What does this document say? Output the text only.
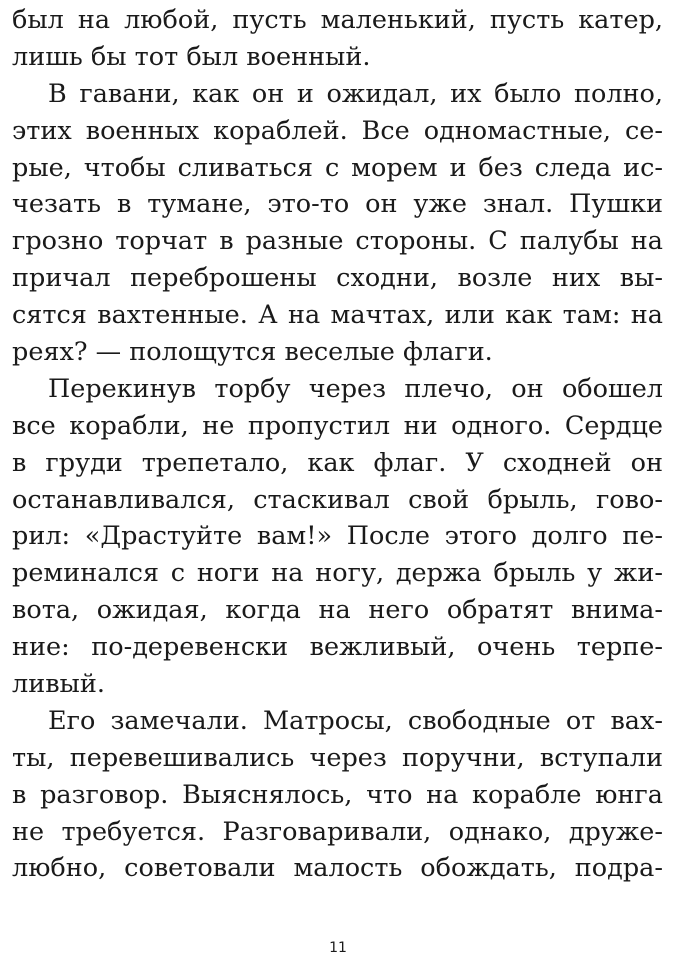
был на любой, пусть маленький, пусть катер,
лишь бы тот был военный.
В гавани, как он и ожидал, их было полно,
этих военных кораблей. Все одномастные, се-
рые, чтобы сливаться с морем и без следа ис-
чезать в тумане, это-то он уже знал. Пушки
грозно торчат в разные стороны. С палубы на
причал переброшены сходни, возле них вы-
сятся вахтенные. А на мачтах, или как там: на
реях? — полощутся веселые флаги.
Перекинув торбу через плечо, он обошел
все корабли, не пропустил ни одного. Сердце
в груди трепетало, как флаг. У сходней он
останавливался, стаскивал свой брыль, гово-
рил: «Драстуйте вам!» После этого долго пе-
реминался с ноги на ногу, держа брыль у жи-
вота, ожидая, когда на него обратят внима-
ние: по-деревенски вежливый, очень терпе-
ливый.
Его замечали. Матросы, свободные от вах-
ты, перевешивались через поручни, вступали
в разговор. Выяснялось, что на корабле юнга
не требуется. Разговаривали, однако, друже-
любно, советовали малость обождать, подра-
11
